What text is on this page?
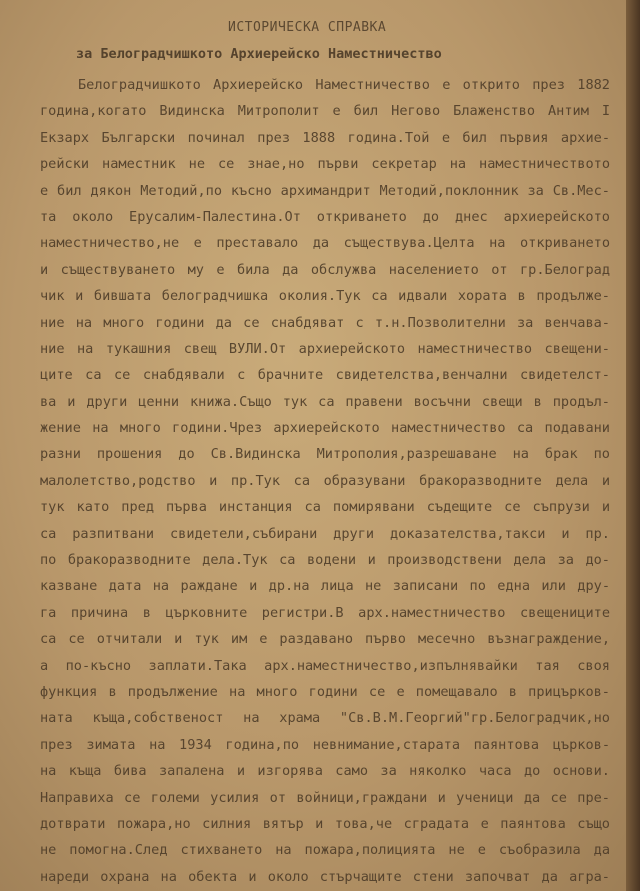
ИСТОРИЧЕСКА СПРАВКА
за Белоградчишкото Архиерейско Наместничество
Белоградчишкото Архиерейско Наместничество е открито през 1882
година,когато Видинска Митрополит е бил Негово Блаженство Антим I
Екзарх Български починал през 1888 година.Той е бил първия архие-
рейски наместник не се знае,но първи секретар на наместничеството
е бил дякон Методий,по късно архимандрит Методий,поклонник за Св.Мес-
та около Ерусалим-Палестина.От откриването до днес архиерейското
наместничество,не е преставало да съществува.Целта на откриването
и съществуването му е била да обслужва населението от гр.Белоград
чик и бившата белоградчишка околия.Тук са идвали хората в продълже-
ние на много години да се снабдяват с т.н.Позволителни за венчава-
ние на тукашния свещ ВУЛИ.От архиерейското наместничество свещени-
ците са се снабдявали с брачните свидетелства,венчални свидетелст-
ва и други ценни книжа.Също тук са правени восъчни свещи в продъл-
жение на много години.Чрез архиерейското наместничество са подавани
разни прошения до Св.Видинска Митрополия,разрешаване на брак по
малолетство,родство и пр.Тук са образувани бракоразводните дела и
тук като пред първа инстанция са помирявани съдещите се съпрузи и
са разпитвани свидетели,събирани други доказателства,такси и пр.
по бракоразводните дела.Тук са водени и производствени дела за до-
казване дата на раждане и др.на лица не записани по една или дру-
га причина в църковните регистри.В арх.наместничество свещениците
са се отчитали и тук им е раздавано първо месечно възнаграждение,
а по-късно заплати.Така арх.наместничество,изпълнявайки тая своя
функция в продължение на много години се е помещавало в прицърков-
ната къща,собственост на храма "Св.В.М.Георгий"гр.Белоградчик,но
през зимата на 1934 година,по невнимание,старата паянтова църков-
на къща бива запалена и изгорява само за няколко часа до основи.
Направиха се големи усилия от войници,граждани и ученици да се пре-
дотврати пожара,но силния вятър и това,че сградата е паянтова също
не помогна.След стихването на пожара,полицията не е съобразила да
нареди охрана на обекта и около стърчащите стени започват да агра-
